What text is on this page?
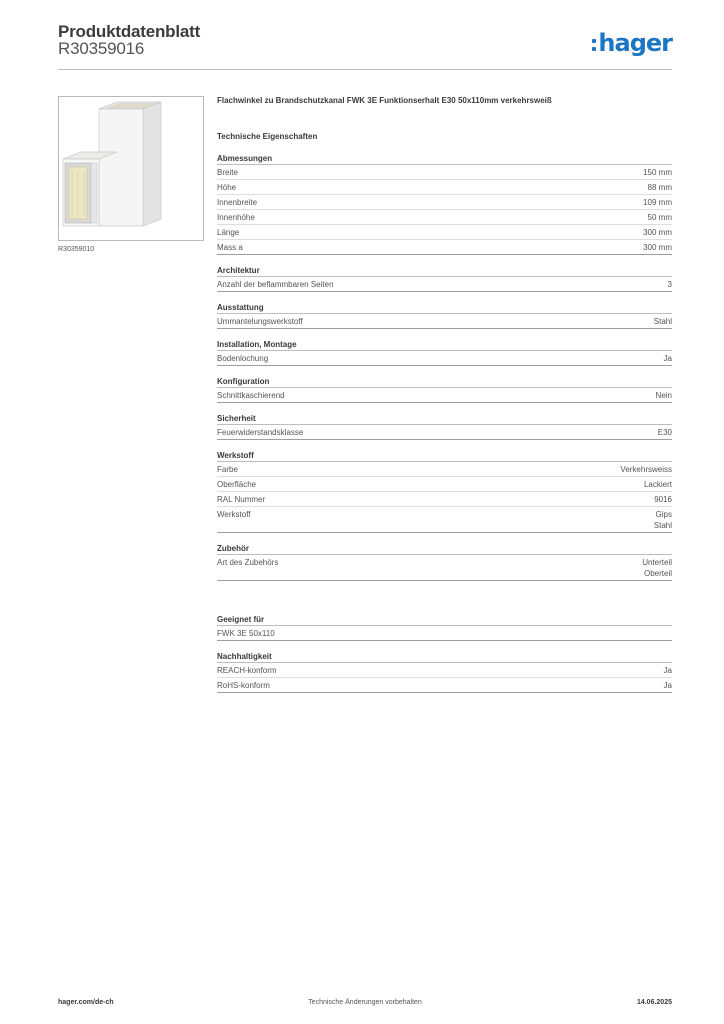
Produktdatenblatt
R30359016	hager
R30359010
Flachwinkel zu Brandschutzkanal FWK 3E Funktionserhalt E30 50x110mm verkehrsweiß
Technische Eigenschaften
Abmessungen
Breite	150 mm
Höhe	88 mm
Innenbreite	109 mm
Innenhöhe	50 mm
Länge	300 mm
Mass a	300 mm
Architektur
Anzahl der beflammbaren Seiten	3
Ausstattung
Ummantelungswerkstoff	Stahl
Installation, Montage
Bodenlochung	Ja
Konfiguration
Schnittkaschierend	Nein
Sicherheit
Feuerwiderstandsklasse	E30
Werkstoff
Farbe	Verkehrsweiss
Oberfläche	Lackiert
RAL Nummer	9016
Werkstoff	Gips
Stahl
Zubehör
Art des Zubehörs	Unterteil
Oberteil
Geeignet für
FWK 3E 50x110
Nachhaltigkeit
REACH-konform	Ja
RoHS-konform	Ja
hager.com/de-ch	Technische Änderungen vorbehalten	14.06.2025
